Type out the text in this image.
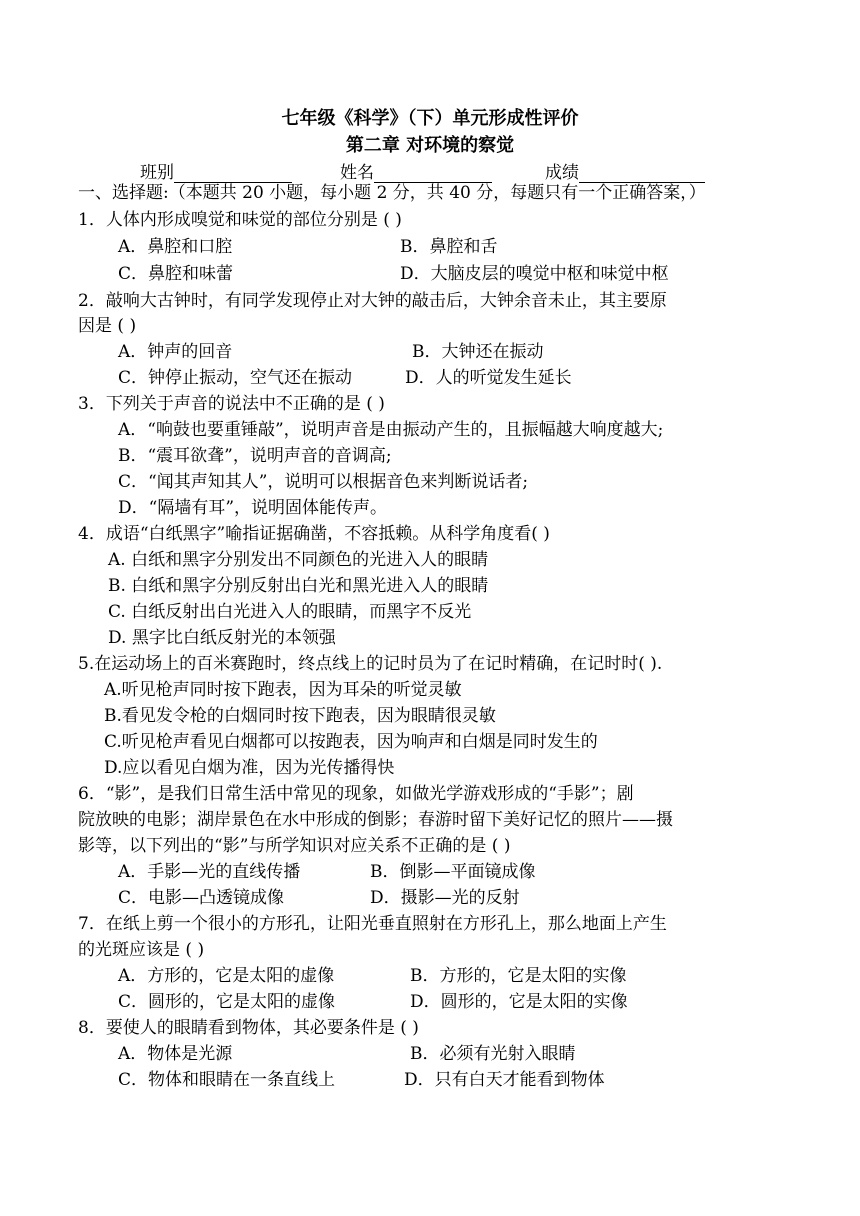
七年级《科学》（下）单元形成性评价
第二章 对环境的察觉
班别	姓名	成绩
一、选择题:（本题共 20 小题，每小题 2 分，共 40 分，每题只有一个正确答案，）
1．人体内形成嗅觉和味觉的部位分别是 ( )
A．鼻腔和口腔	B．鼻腔和舌
C．鼻腔和味蕾	D．大脑皮层的嗅觉中枢和味觉中枢
2．敲响大古钟时，有同学发现停止对大钟的敲击后，大钟余音未止，其主要原
因是 ( )
A．钟声的回音	B．大钟还在振动
C．钟停止振动，空气还在振动	D．人的听觉发生延长
3．下列关于声音的说法中不正确的是 ( )
A．“响鼓也要重锤敲”，说明声音是由振动产生的，且振幅越大响度越大;
B．“震耳欲聋”，说明声音的音调高;
C．“闻其声知其人”，说明可以根据音色来判断说话者;
D．“隔墙有耳”，说明固体能传声。
4．成语“白纸黑字”喻指证据确凿，不容抵赖。从科学角度看( )
A. 白纸和黑字分别发出不同颜色的光进入人的眼睛
B. 白纸和黑字分别反射出白光和黑光进入人的眼睛
C. 白纸反射出白光进入人的眼睛，而黑字不反光
D. 黑字比白纸反射光的本领强
5.在运动场上的百米赛跑时，终点线上的记时员为了在记时精确，在记时时( ).
A.听见枪声同时按下跑表，因为耳朵的听觉灵敏
B.看见发令枪的白烟同时按下跑表，因为眼睛很灵敏
C.听见枪声看见白烟都可以按跑表，因为响声和白烟是同时发生的
D.应以看见白烟为准，因为光传播得快
6．“影”，是我们日常生活中常见的现象，如做光学游戏形成的“手影”；剧
院放映的电影；湖岸景色在水中形成的倒影；春游时留下美好记忆的照片——摄
影等，以下列出的“影”与所学知识对应关系不正确的是 ( )
A．手影—光的直线传播	B．倒影—平面镜成像
C．电影—凸透镜成像	D．摄影—光的反射
7．在纸上剪一个很小的方形孔，让阳光垂直照射在方形孔上，那么地面上产生
的光斑应该是 ( )
A．方形的，它是太阳的虚像	B．方形的，它是太阳的实像
C．圆形的，它是太阳的虚像	D．圆形的，它是太阳的实像
8．要使人的眼睛看到物体，其必要条件是 ( )
A．物体是光源	B．必须有光射入眼睛
C．物体和眼睛在一条直线上	D．只有白天才能看到物体
